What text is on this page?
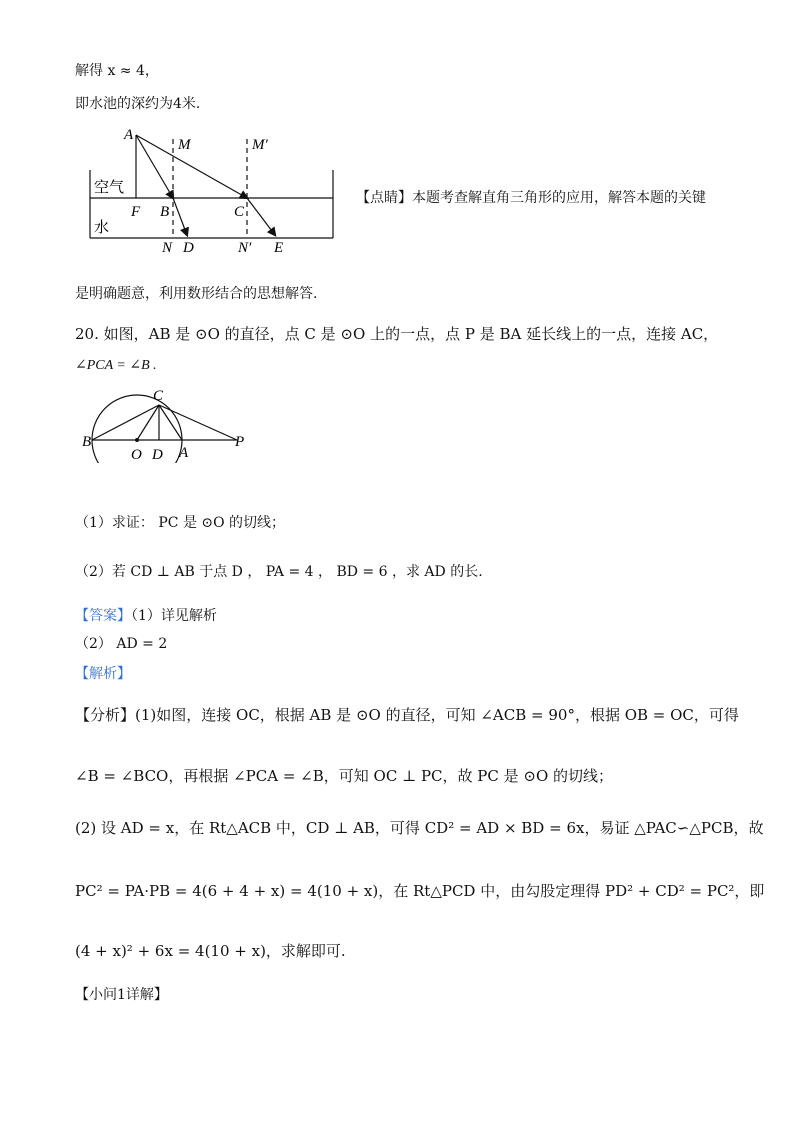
解得 x ≈ 4，
即水池的深约为4米.
A
M	M′
空气
水
F B	C
N D	N′ E
【点睛】本题考查解直角三角形的应用，解答本题的关键
是明确题意，利用数形结合的思想解答.
20. 如图，AB 是 ⊙O 的直径，点 C 是 ⊙O 上的一点，点 P 是 BA 延长线上的一点，连接 AC，
∠PCA = ∠B .
C
B
O D A
P
（1）求证： PC 是 ⊙O 的切线；
（2）若 CD ⊥ AB 于点 D ， PA = 4 ， BD = 6 ，求 AD 的长.
【答案】（1）详见解析
（2） AD = 2
【解析】
【分析】(1)如图，连接 OC，根据 AB 是 ⊙O 的直径，可知 ∠ACB = 90°，根据 OB = OC，可得
∠B = ∠BCO，再根据 ∠PCA = ∠B，可知 OC ⊥ PC，故 PC 是 ⊙O 的切线；
(2) 设 AD = x，在 Rt△ACB 中，CD ⊥ AB，可得 CD² = AD × BD = 6x，易证 △PAC∽△PCB，故
PC² = PA·PB = 4(6 + 4 + x) = 4(10 + x)，在 Rt△PCD 中，由勾股定理得 PD² + CD² = PC²，即
(4 + x)² + 6x = 4(10 + x)，求解即可.
【小问1详解】
